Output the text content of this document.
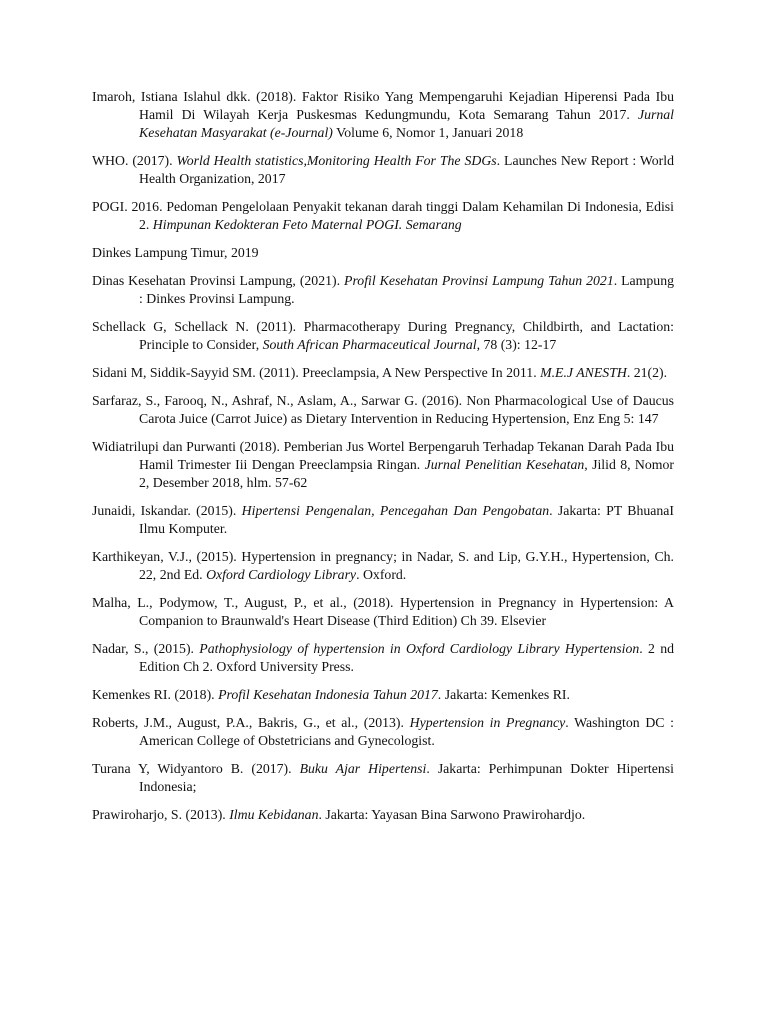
Imaroh, Istiana Islahul dkk. (2018). Faktor Risiko Yang Mempengaruhi Kejadian Hiperensi Pada Ibu Hamil Di Wilayah Kerja Puskesmas Kedungmundu, Kota Semarang Tahun 2017. Jurnal Kesehatan Masyarakat (e-Journal) Volume 6, Nomor 1, Januari 2018

WHO. (2017). World Health statistics,Monitoring Health For The SDGs. Launches New Report : World Health Organization, 2017

POGI. 2016. Pedoman Pengelolaan Penyakit tekanan darah tinggi Dalam Kehamilan Di Indonesia, Edisi 2. Himpunan Kedokteran Feto Maternal POGI. Semarang

Dinkes Lampung Timur, 2019

Dinas Kesehatan Provinsi Lampung, (2021). Profil Kesehatan Provinsi Lampung Tahun 2021. Lampung : Dinkes Provinsi Lampung.

Schellack G, Schellack N. (2011). Pharmacotherapy During Pregnancy, Childbirth, and Lactation: Principle to Consider, South African Pharmaceutical Journal, 78 (3): 12-17

Sidani M, Siddik-Sayyid SM. (2011). Preeclampsia, A New Perspective In 2011. M.E.J ANESTH. 21(2).

Sarfaraz, S., Farooq, N., Ashraf, N., Aslam, A., Sarwar G. (2016). Non Pharmacological Use of Daucus Carota Juice (Carrot Juice) as Dietary Intervention in Reducing Hypertension, Enz Eng 5: 147

Widiatrilupi dan Purwanti (2018). Pemberian Jus Wortel Berpengaruh Terhadap Tekanan Darah Pada Ibu Hamil Trimester Iii Dengan Preeclampsia Ringan. Jurnal Penelitian Kesehatan, Jilid 8, Nomor 2, Desember 2018, hlm. 57-62

Junaidi, Iskandar. (2015). Hipertensi Pengenalan, Pencegahan Dan Pengobatan. Jakarta: PT BhuanaI Ilmu Komputer.

Karthikeyan, V.J., (2015). Hypertension in pregnancy; in Nadar, S. and Lip, G.Y.H., Hypertension, Ch. 22, 2nd Ed. Oxford Cardiology Library. Oxford.

Malha, L., Podymow, T., August, P., et al., (2018). Hypertension in Pregnancy in Hypertension: A Companion to Braunwald's Heart Disease (Third Edition) Ch 39. Elsevier

Nadar, S., (2015). Pathophysiology of hypertension in Oxford Cardiology Library Hypertension. 2 nd Edition Ch 2. Oxford University Press.

Kemenkes RI. (2018). Profil Kesehatan Indonesia Tahun 2017. Jakarta: Kemenkes RI.

Roberts, J.M., August, P.A., Bakris, G., et al., (2013). Hypertension in Pregnancy. Washington DC : American College of Obstetricians and Gynecologist.

Turana Y, Widyantoro B. (2017). Buku Ajar Hipertensi. Jakarta: Perhimpunan Dokter Hipertensi Indonesia;

Prawiroharjo, S. (2013). Ilmu Kebidanan. Jakarta: Yayasan Bina Sarwono Prawirohardjo.
